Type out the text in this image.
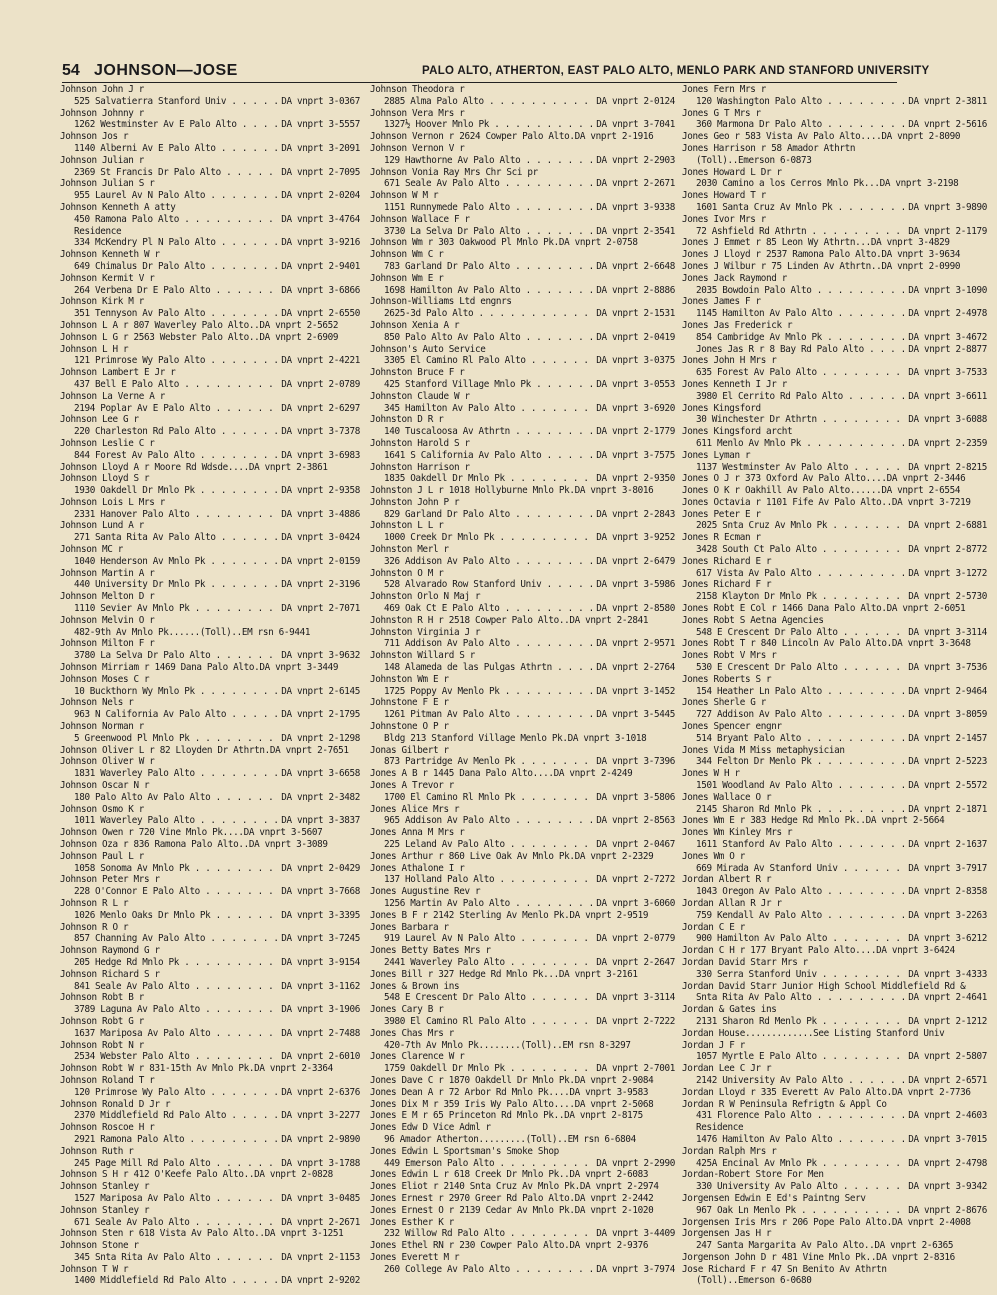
54 JOHNSON—JOSE	PALO ALTO, ATHERTON, EAST PALO ALTO, MENLO PARK AND STANFORD UNIVERSITY
Johnson John J r
525 Salvatierra Stanford Univ . . .	DA vnprt 3-0367
Johnson Johnny r
1262 Westminster Av E Palo Alto . . .	DA vnprt 3-5557
Johnson Jos r
1140 Alberni Av E Palo Alto . . .	DA vnprt 3-2091
Johnson Julian r
2369 St Francis Dr Palo Alto . . .	DA vnprt 2-7095
Johnson Julian S r
955 Laurel Av N Palo Alto . . .	DA vnprt 2-0204
Johnson Kenneth A atty
450 Ramona Palo Alto . . .	DA vnprt 3-4764
Residence
334 McKendry Pl N Palo Alto . . .	DA vnprt 3-9216
Johnson Kenneth W r
649 Chimalus Dr Palo Alto . . .	DA vnprt 2-9401
Johnson Kermit V r
264 Verbena Dr E Palo Alto . . .	DA vnprt 3-6866
Johnson Kirk M r
351 Tennyson Av Palo Alto . . .	DA vnprt 2-6550
Johnson L A r 807 Waverley Palo Alto..DA vnprt 2-5652
Johnson L G r 2563 Webster Palo Alto..DA vnprt 2-6909
Johnson L H r
121 Primrose Wy Palo Alto . . .	DA vnprt 2-4221
Johnson Lambert E Jr r
437 Bell E Palo Alto . . .	DA vnprt 2-0789
Johnson La Verne A r
2194 Poplar Av E Palo Alto . . .	DA vnprt 2-6297
Johnson Lee G r
220 Charleston Rd Palo Alto . . .	DA vnprt 3-7378
Johnson Leslie C r
844 Forest Av Palo Alto . . .	DA vnprt 3-6983
Johnson Lloyd A r Moore Rd Wdsde....DA vnprt 2-3861
Johnson Lloyd S r
1930 Oakdell Dr Mnlo Pk . . .	DA vnprt 2-9358
Johnson Lois L Mrs r
2331 Hanover Palo Alto . . .	DA vnprt 3-4886
Johnson Lund A r
271 Santa Rita Av Palo Alto . . .	DA vnprt 3-0424
Johnson MC r
1040 Henderson Av Mnlo Pk . . .	DA vnprt 2-0159
Johnson Martin A r
440 University Dr Mnlo Pk . . .	DA vnprt 2-3196
Johnson Melton D r
1110 Sevier Av Mnlo Pk . . .	DA vnprt 2-7071
Johnson Melvin O r
482-9th Av Mnlo Pk......(Toll)..EM rsn 6-9441
Johnson Milton F r
3780 La Selva Dr Palo Alto . . .	DA vnprt 3-9632
Johnson Mirriam r 1469 Dana Palo Alto.DA vnprt 3-3449
Johnson Moses C r
10 Buckthorn Wy Mnlo Pk . . .	DA vnprt 2-6145
Johnson Nels r
963 N California Av Palo Alto . . .	DA vnprt 2-1795
Johnson Norman r
5 Greenwood Pl Mnlo Pk . . .	DA vnprt 2-1298
Johnson Oliver L r 82 Lloyden Dr Athrtn.DA vnprt 2-7651
Johnson Oliver W r
1831 Waverley Palo Alto . . .	DA vnprt 3-6658
Johnson Oscar N r
180 Palo Alto Av Palo Alto . . .	DA vnprt 2-3482
Johnson Osmo K r
1011 Waverley Palo Alto . . .	DA vnprt 3-3837
Johnson Owen r 720 Vine Mnlo Pk....DA vnprt 3-5607
Johnson Oza r 836 Ramona Palo Alto..DA vnprt 3-3089
Johnson Paul L r
1058 Sonoma Av Mnlo Pk . . .	DA vnprt 2-0429
Johnson Peter Mrs r
228 O'Connor E Palo Alto . . .	DA vnprt 3-7668
Johnson R L r
1026 Menlo Oaks Dr Mnlo Pk . . .	DA vnprt 3-3395
Johnson R O r
857 Channing Av Palo Alto . . .	DA vnprt 3-7245
Johnson Raymond G r
205 Hedge Rd Mnlo Pk . . .	DA vnprt 3-9154
Johnson Richard S r
841 Seale Av Palo Alto . . .	DA vnprt 3-1162
Johnson Robt B r
3789 Laguna Av Palo Alto . . .	DA vnprt 3-1906
Johnson Robt G r
1637 Mariposa Av Palo Alto . . .	DA vnprt 2-7488
Johnson Robt N r
2534 Webster Palo Alto . . .	DA vnprt 2-6010
Johnson Robt W r 831-15th Av Mnlo Pk.DA vnprt 2-3364
Johnson Roland T r
120 Primrose Wy Palo Alto . . .	DA vnprt 2-6376
Johnson Ronald D Jr r
2370 Middlefield Rd Palo Alto . . .	DA vnprt 3-2277
Johnson Roscoe H r
2921 Ramona Palo Alto . . .	DA vnprt 2-9890
Johnson Ruth r
245 Page Mill Rd Palo Alto . . .	DA vnprt 3-1788
Johnson S H r 412 O'Keefe Palo Alto..DA vnprt 2-0828
Johnson Stanley r
1527 Mariposa Av Palo Alto . . .	DA vnprt 3-0485
Johnson Stanley r
671 Seale Av Palo Alto . . .	DA vnprt 2-2671
Johnson Sten r 618 Vista Av Palo Alto..DA vnprt 3-1251
Johnson Stone r
345 Snta Rita Av Palo Alto . . .	DA vnprt 2-1153
Johnson T W r
1400 Middlefield Rd Palo Alto . . .	DA vnprt 2-9202
Johnson Theodora r
2885 Alma Palo Alto . . .	DA vnprt 2-0124
Johnson Vera Mrs r
1327½ Hoover Mnlo Pk . . .	DA vnprt 3-7041
Johnson Vernon r 2624 Cowper Palo Alto.DA vnprt 2-1916
Johnson Vernon V r
129 Hawthorne Av Palo Alto . . .	DA vnprt 2-2903
Johnson Vonia Ray Mrs Chr Sci pr
671 Seale Av Palo Alto . . .	DA vnprt 2-2671
Johnson W M r
1151 Runnymede Palo Alto . . .	DA vnprt 3-9338
Johnson Wallace F r
3730 La Selva Dr Palo Alto . . .	DA vnprt 2-3541
Johnson Wm r 303 Oakwood Pl Mnlo Pk.DA vnprt 2-0758
Johnson Wm C r
783 Garland Dr Palo Alto . . .	DA vnprt 2-6648
Johnson Wm E r
1698 Hamilton Av Palo Alto . . .	DA vnprt 2-8886
Johnson-Williams Ltd engnrs
2625-3d Palo Alto . . .	DA vnprt 2-1531
Johnson Xenia A r
850 Palo Alto Av Palo Alto . . .	DA vnprt 2-0419
Johnson's Auto Service
3305 El Camino Rl Palo Alto . . .	DA vnprt 3-0375
Johnston Bruce F r
425 Stanford Village Mnlo Pk . . .	DA vnprt 3-0553
Johnston Claude W r
345 Hamilton Av Palo Alto . . .	DA vnprt 3-6920
Johnston D R r
140 Tuscaloosa Av Athrtn . . .	DA vnprt 2-1779
Johnston Harold S r
1641 S California Av Palo Alto . . .	DA vnprt 3-7575
Johnston Harrison r
1835 Oakdell Dr Mnlo Pk . . .	DA vnprt 2-9350
Johnston J L r 1018 Hollyburne Mnlo Pk.DA vnprt 3-8016
Johnston John P r
829 Garland Dr Palo Alto . . .	DA vnprt 2-2843
Johnston L L r
1000 Creek Dr Mnlo Pk . . .	DA vnprt 3-9252
Johnston Merl r
326 Addison Av Palo Alto . . .	DA vnprt 2-6479
Johnston O M r
528 Alvarado Row Stanford Univ . . .	DA vnprt 3-5986
Johnston Orlo N Maj r
469 Oak Ct E Palo Alto . . .	DA vnprt 2-8580
Johnston R H r 2518 Cowper Palo Alto..DA vnprt 2-2841
Johnston Virginia J r
711 Addison Av Palo Alto . . .	DA vnprt 2-9571
Johnston Willard S r
148 Alameda de las Pulgas Athrtn . . .	DA vnprt 2-2764
Johnston Wm E r
1725 Poppy Av Menlo Pk . . .	DA vnprt 3-1452
Johnstone F E r
1261 Pitman Av Palo Alto . . .	DA vnprt 3-5445
Johnstone O P r
Bldg 213 Stanford Village Menlo Pk.DA vnprt 3-1018
Jonas Gilbert r
873 Partridge Av Menlo Pk . . .	DA vnprt 3-7396
Jones A B r 1445 Dana Palo Alto....DA vnprt 2-4249
Jones A Trevor r
1700 El Camino Rl Mnlo Pk . . .	DA vnprt 3-5806
Jones Alice Mrs r
965 Addison Av Palo Alto . . .	DA vnprt 2-8563
Jones Anna M Mrs r
225 Leland Av Palo Alto . . .	DA vnprt 2-0467
Jones Arthur r 860 Live Oak Av Mnlo Pk.DA vnprt 2-2329
Jones Athalone I r
137 Holland Palo Alto . . .	DA vnprt 2-7272
Jones Augustine Rev r
1256 Martin Av Palo Alto . . .	DA vnprt 3-6060
Jones B F r 2142 Sterling Av Menlo Pk.DA vnprt 2-9519
Jones Barbara r
919 Laurel Av N Palo Alto . . .	DA vnprt 2-0779
Jones Betty Bates Mrs r
2441 Waverley Palo Alto . . .	DA vnprt 2-2647
Jones Bill r 327 Hedge Rd Mnlo Pk...DA vnprt 3-2161
Jones & Brown ins
548 E Crescent Dr Palo Alto . . .	DA vnprt 3-3114
Jones Cary B r
3980 El Camino Rl Palo Alto . . .	DA vnprt 2-7222
Jones Chas Mrs r
420-7th Av Mnlo Pk........(Toll)..EM rsn 8-3297
Jones Clarence W r
1759 Oakdell Dr Mnlo Pk . . .	DA vnprt 2-7001
Jones Dave C r 1870 Oakdell Dr Mnlo Pk.DA vnprt 2-9084
Jones Dean A r 72 Arbor Rd Mnlo Pk....DA vnprt 3-9583
Jones Dix M r 359 Iris Wy Palo Alto....DA vnprt 2-5068
Jones E M r 65 Princeton Rd Mnlo Pk..DA vnprt 2-8175
Jones Edw D Vice Adml r
96 Amador Atherton.........(Toll)..EM rsn 6-6804
Jones Edwin L Sportsman's Smoke Shop
449 Emerson Palo Alto . . .	DA vnprt 2-2990
Jones Edwin L r 618 Creek Dr Mnlo Pk..DA vnprt 2-6083
Jones Eliot r 2140 Snta Cruz Av Mnlo Pk.DA vnprt 2-2974
Jones Ernest r 2970 Greer Rd Palo Alto.DA vnprt 2-2442
Jones Ernest O r 2139 Cedar Av Mnlo Pk.DA vnprt 2-1020
Jones Esther K r
232 Willow Rd Palo Alto . . .	DA vnprt 3-4409
Jones Ethel RN r 230 Cowper Palo Alto.DA vnprt 2-9376
Jones Everett M r
260 College Av Palo Alto . . .	DA vnprt 3-7974
Jones Fern Mrs r
120 Washington Palo Alto . . .	DA vnprt 2-3811
Jones G T Mrs r
360 Marmona Dr Palo Alto . . .	DA vnprt 2-5616
Jones Geo r 583 Vista Av Palo Alto....DA vnprt 2-8090
Jones Harrison r 58 Amador Athrtn
(Toll)..Emerson 6-0873
Jones Howard L Dr r
2030 Camino a los Cerros Mnlo Pk...DA vnprt 3-2198
Jones Howard T r
1601 Santa Cruz Av Mnlo Pk . . .	DA vnprt 3-9890
Jones Ivor Mrs r
72 Ashfield Rd Athrtn . . .	DA vnprt 2-1179
Jones J Emmet r 85 Leon Wy Athrtn...DA vnprt 3-4829
Jones J Lloyd r 2537 Ramona Palo Alto.DA vnprt 3-9634
Jones J Wilbur r 75 Linden Av Athrtn..DA vnprt 2-0990
Jones Jack Raymond r
2035 Bowdoin Palo Alto . . .	DA vnprt 3-1090
Jones James F r
1145 Hamilton Av Palo Alto . . .	DA vnprt 2-4978
Jones Jas Frederick r
854 Cambridge Av Mnlo Pk . . .	DA vnprt 3-4672
Jones Jas R r 8 Bay Rd Palo Alto . . .	DA vnprt 2-8877
Jones John H Mrs r
635 Forest Av Palo Alto . . .	DA vnprt 3-7533
Jones Kenneth I Jr r
3980 El Cerrito Rd Palo Alto . . .	DA vnprt 3-6611
Jones Kingsford
30 Winchester Dr Athrtn . . .	DA vnprt 3-6088
Jones Kingsford archt
611 Menlo Av Mnlo Pk . . .	DA vnprt 2-2359
Jones Lyman r
1137 Westminster Av Palo Alto . . .	DA vnprt 2-8215
Jones O J r 373 Oxford Av Palo Alto....DA vnprt 2-3446
Jones O K r Oakhill Av Palo Alto......DA vnprt 2-6554
Jones Octavia r 1101 Fife Av Palo Alto..DA vnprt 3-7219
Jones Peter E r
2025 Snta Cruz Av Mnlo Pk . . .	DA vnprt 2-6881
Jones R Ecman r
3428 South Ct Palo Alto . . .	DA vnprt 2-8772
Jones Richard E r
617 Vista Av Palo Alto . . .	DA vnprt 3-1272
Jones Richard F r
2158 Klayton Dr Mnlo Pk . . .	DA vnprt 2-5730
Jones Robt E Col r 1466 Dana Palo Alto.DA vnprt 2-6051
Jones Robt S Aetna Agencies
548 E Crescent Dr Palo Alto . . .	DA vnprt 3-3114
Jones Robt T r 840 Lincoln Av Palo Alto.DA vnprt 3-3648
Jones Robt V Mrs r
530 E Crescent Dr Palo Alto . . .	DA vnprt 3-7536
Jones Roberts S r
154 Heather Ln Palo Alto . . .	DA vnprt 2-9464
Jones Sherle G r
727 Addison Av Palo Alto . . .	DA vnprt 3-8059
Jones Spencer engnr
514 Bryant Palo Alto . . .	DA vnprt 2-1457
Jones Vida M Miss metaphysician
344 Felton Dr Menlo Pk . . .	DA vnprt 2-5223
Jones W H r
1501 Woodland Av Palo Alto . . .	DA vnprt 2-5572
Jones Wallace O r
2145 Sharon Rd Mnlo Pk . . .	DA vnprt 2-1871
Jones Wm E r 383 Hedge Rd Mnlo Pk..DA vnprt 2-5664
Jones Wm Kinley Mrs r
1611 Stanford Av Palo Alto . . .	DA vnprt 2-1637
Jones Wm O r
669 Mirada Av Stanford Univ . . .	DA vnprt 3-7917
Jordan Albert R r
1043 Oregon Av Palo Alto . . .	DA vnprt 2-8358
Jordan Allan R Jr r
759 Kendall Av Palo Alto . . .	DA vnprt 3-2263
Jordan C E r
900 Hamilton Av Palo Alto . . .	DA vnprt 3-6212
Jordan C H r 177 Bryant Palo Alto....DA vnprt 3-6424
Jordan David Starr Mrs r
330 Serra Stanford Univ . . .	DA vnprt 3-4333
Jordan David Starr Junior High School Middlefield Rd &
Snta Rita Av Palo Alto . . .	DA vnprt 2-4641
Jordan & Gates ins
2131 Sharon Rd Menlo Pk . . .	DA vnprt 2-1212
Jordan House.............See Listing Stanford Univ
Jordan J F r
1057 Myrtle E Palo Alto . . .	DA vnprt 2-5807
Jordan Lee C Jr r
2142 University Av Palo Alto . . .	DA vnprt 2-6571
Jordan Lloyd r 335 Everett Av Palo Alto.DA vnprt 2-7736
Jordan R W Peninsula Refrigtn & Appl Co
431 Florence Palo Alto . . .	DA vnprt 2-4603
Residence
1476 Hamilton Av Palo Alto . . .	DA vnprt 3-7015
Jordan Ralph Mrs r
425A Encinal Av Mnlo Pk . . .	DA vnprt 2-4798
Jordan-Robert Store For Men
330 University Av Palo Alto . . .	DA vnprt 3-9342
Jorgensen Edwin E Ed's Paintng Serv
967 Oak Ln Menlo Pk . . .	DA vnprt 2-8676
Jorgensen Iris Mrs r 206 Pope Palo Alto.DA vnprt 2-4008
Jorgensen Jas H r
247 Santa Margarita Av Palo Alto..DA vnprt 2-6365
Jorgenson John D r 481 Vine Mnlo Pk..DA vnprt 2-8316
Jose Richard F r 47 Sn Benito Av Athrtn
(Toll)..Emerson 6-0680
